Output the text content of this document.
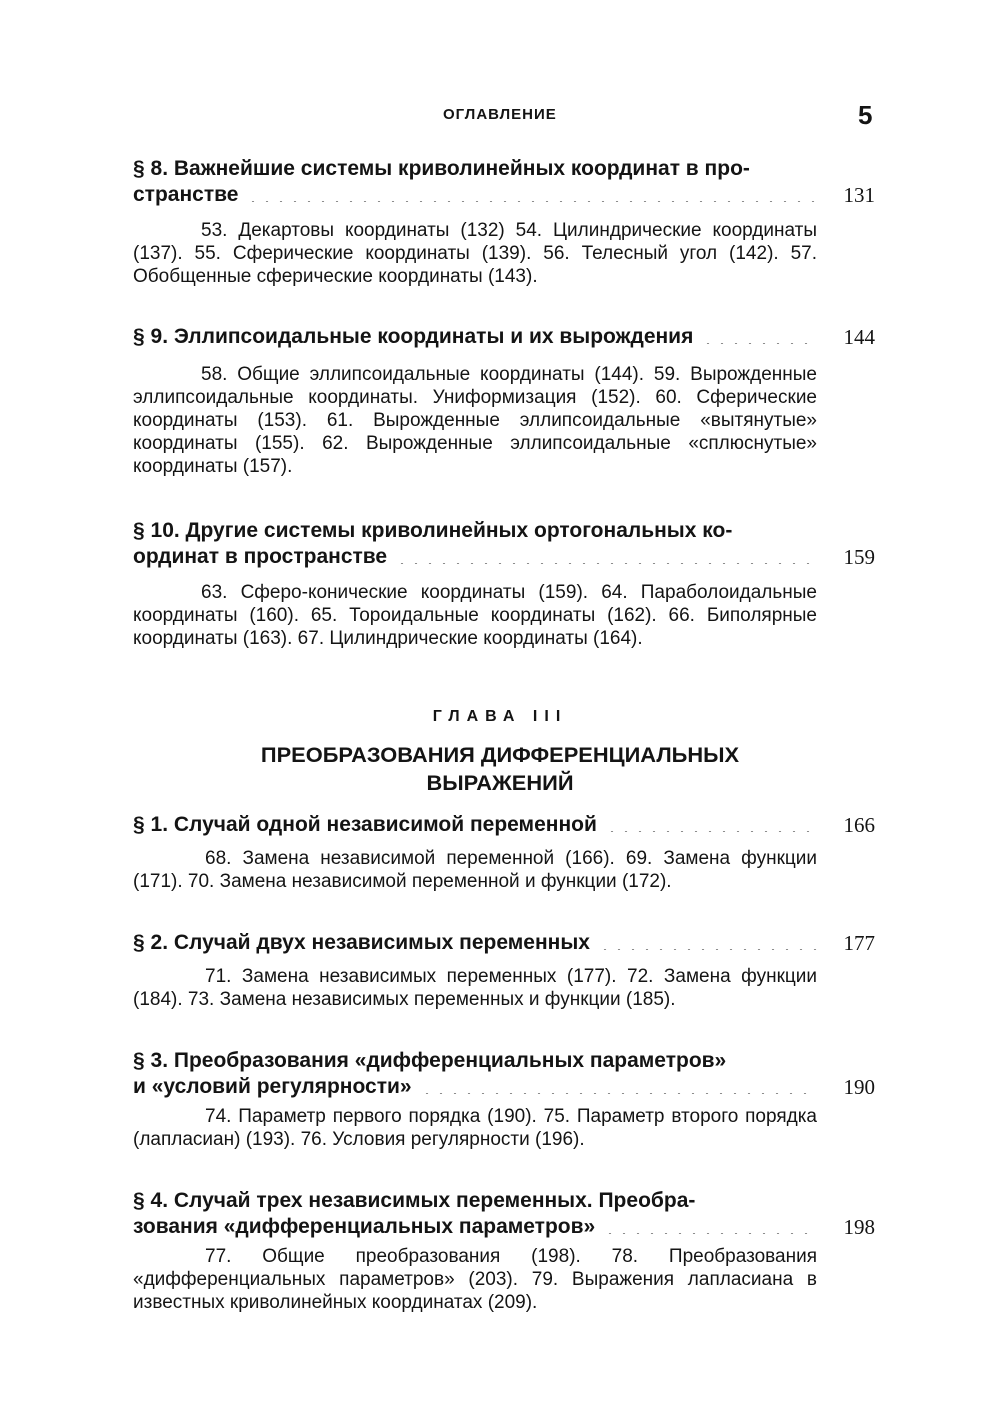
ОГЛАВЛЕНИЕ	5
§ 8. Важнейшие системы криволинейных координат в про-
странстве	131
53. Декартовы координаты (132) 54. Цилиндрические координаты (137). 55. Сферические координаты (139). 56. Телесный угол (142). 57. Обобщенные сферические координаты (143).
§ 9. Эллипсоидальные координаты и их вырождения	144
58. Общие эллипсоидальные координаты (144). 59. Вырожденные эллипсоидальные координаты. Униформизация (152). 60. Сферические координаты (153). 61. Вырожденные эллипсоидальные «вытянутые» координаты (155). 62. Вырожденные эллипсоидальные «сплюснутые» координаты (157).
§ 10. Другие системы криволинейных ортогональных ко-
ординат в пространстве	159
63. Сферо-конические координаты (159). 64. Параболоидальные координаты (160). 65. Тороидальные координаты (162). 66. Биполярные координаты (163). 67. Цилиндрические координаты (164).
ГЛАВА III
ПРЕОБРАЗОВАНИЯ ДИФФЕРЕНЦИАЛЬНЫХ
ВЫРАЖЕНИЙ
§ 1. Случай одной независимой переменной	166
68. Замена независимой переменной (166). 69. Замена функции (171). 70. Замена независимой переменной и функции (172).
§ 2. Случай двух независимых переменных	177
71. Замена независимых переменных (177). 72. Замена функции (184). 73. Замена независимых переменных и функции (185).
§ 3. Преобразования «дифференциальных параметров»
и «условий регулярности»	190
74. Параметр первого порядка (190). 75. Параметр второго порядка (лапласиан) (193). 76. Условия регулярности (196).
§ 4. Случай трех независимых переменных. Преобра-
зования «дифференциальных параметров»	198
77. Общие преобразования (198). 78. Преобразования «дифференциальных параметров» (203). 79. Выражения лапласиана в известных криволинейных координатах (209).
